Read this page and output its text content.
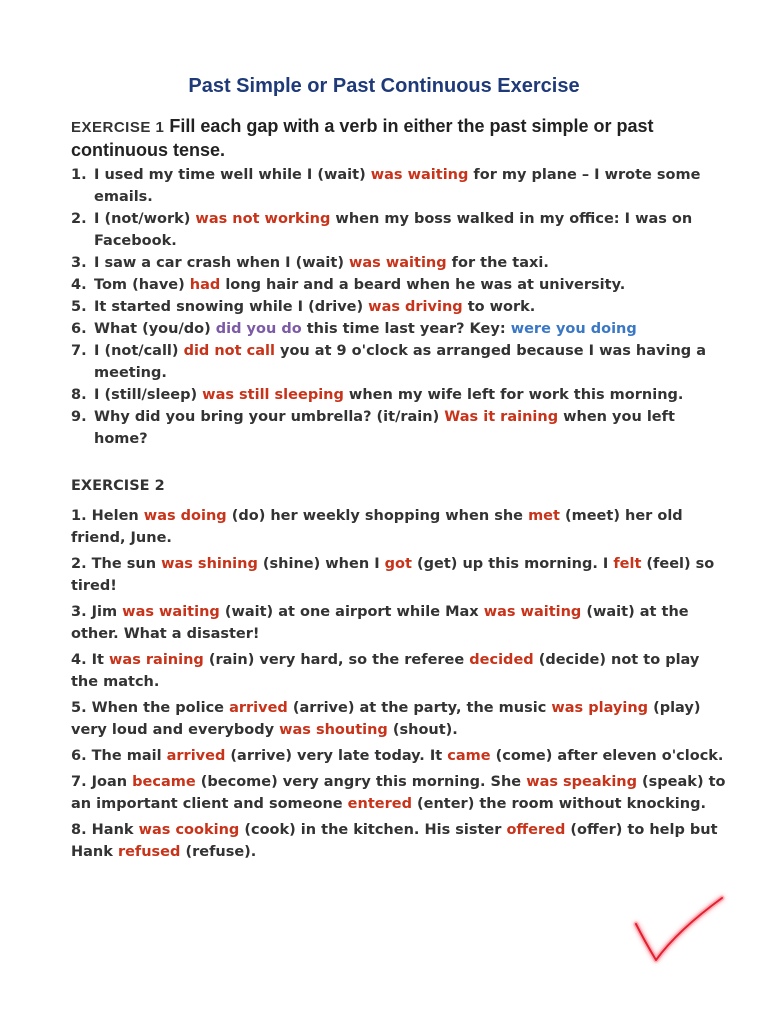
Past Simple or Past Continuous Exercise
EXERCISE 1 Fill each gap with a verb in either the past simple or past continuous tense.
1. I used my time well while I (wait) was waiting for my plane – I wrote some emails.
2. I (not/work) was not working when my boss walked in my office: I was on Facebook.
3. I saw a car crash when I (wait) was waiting for the taxi.
4. Tom (have) had long hair and a beard when he was at university.
5. It started snowing while I (drive) was driving to work.
6. What (you/do) did you do this time last year? Key: were you doing
7. I (not/call) did not call you at 9 o'clock as arranged because I was having a meeting.
8. I (still/sleep) was still sleeping when my wife left for work this morning.
9. Why did you bring your umbrella? (it/rain) Was it raining when you left home?
EXERCISE 2
1. Helen was doing (do) her weekly shopping when she met (meet) her old friend, June.
2. The sun was shining (shine) when I got (get) up this morning. I felt (feel) so tired!
3. Jim was waiting (wait) at one airport while Max was waiting (wait) at the other. What a disaster!
4. It was raining (rain) very hard, so the referee decided (decide) not to play the match.
5. When the police arrived (arrive) at the party, the music was playing (play) very loud and everybody was shouting (shout).
6. The mail arrived (arrive) very late today. It came (come) after eleven o'clock.
7. Joan became (become) very angry this morning. She was speaking (speak) to an important client and someone entered (enter) the room without knocking.
8. Hank was cooking (cook) in the kitchen. His sister offered (offer) to help but Hank refused (refuse).
